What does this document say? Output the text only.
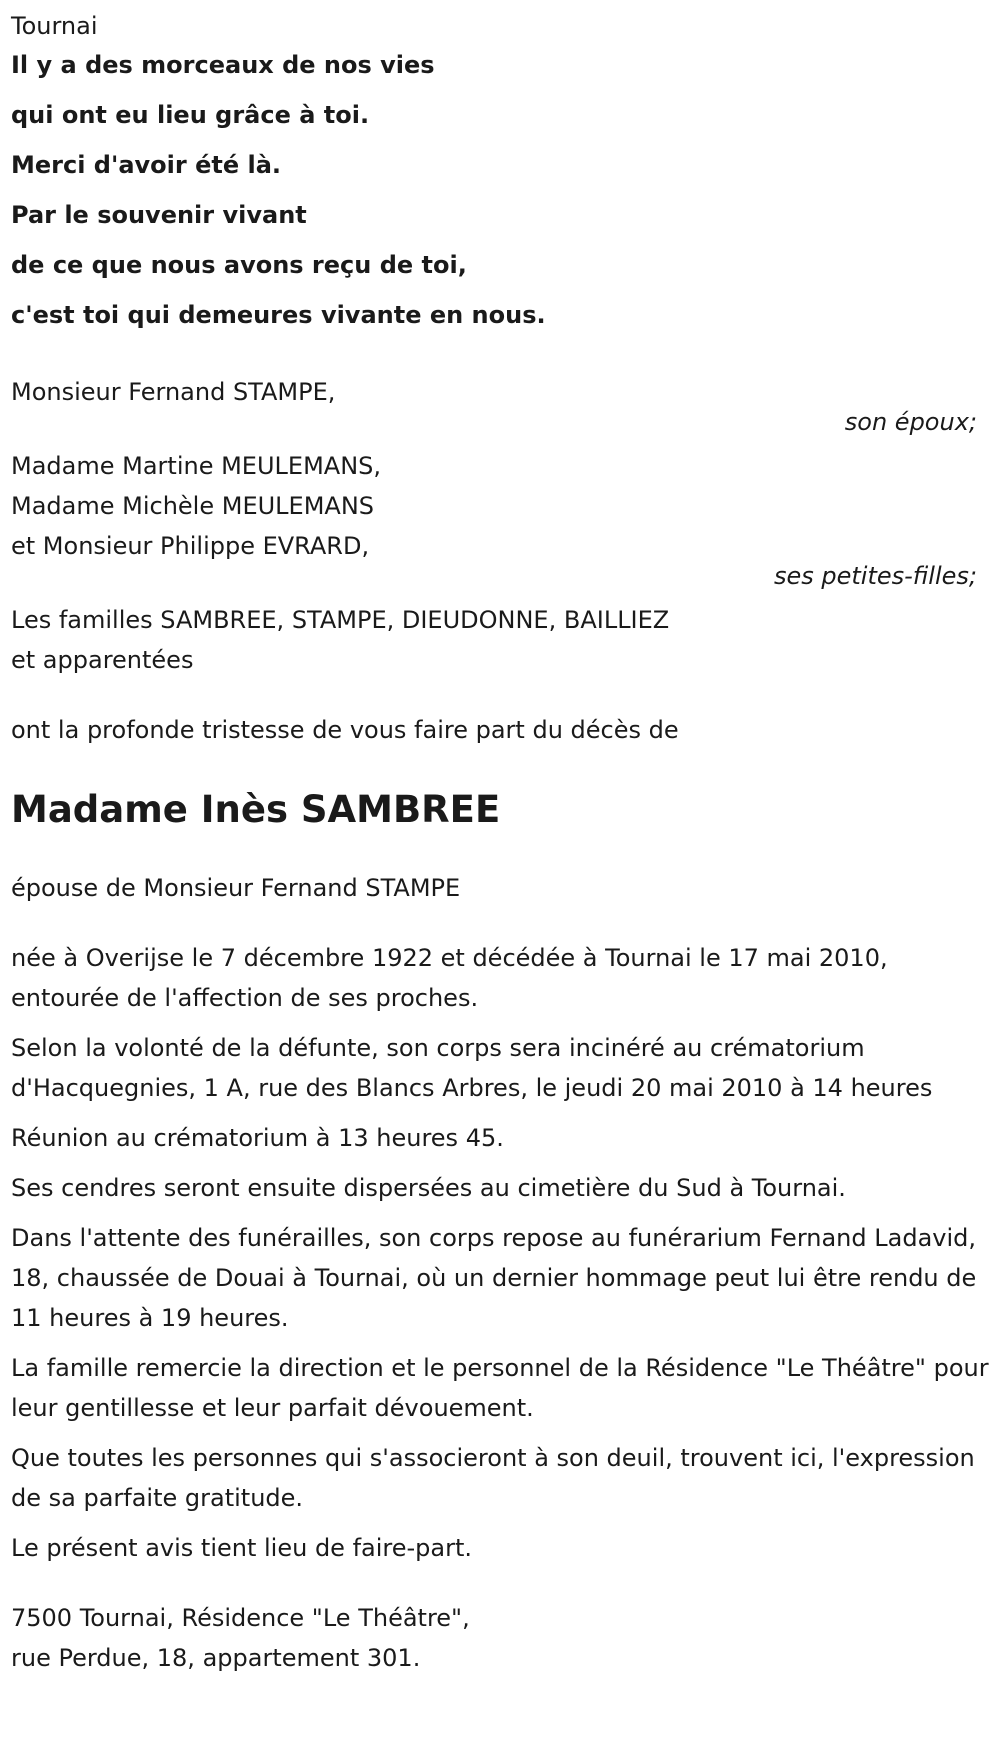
Tournai
Il y a des morceaux de nos vies
qui ont eu lieu grâce à toi.
Merci d'avoir été là.
Par le souvenir vivant
de ce que nous avons reçu de toi,
c'est toi qui demeures vivante en nous.
Monsieur Fernand STAMPE,
son époux;
Madame Martine MEULEMANS,
Madame Michèle MEULEMANS
et Monsieur Philippe EVRARD,
ses petites-filles;
Les familles SAMBREE, STAMPE, DIEUDONNE, BAILLIEZ
et apparentées
ont la profonde tristesse de vous faire part du décès de
Madame Inès SAMBREE
épouse de Monsieur Fernand STAMPE
née à Overijse le 7 décembre 1922 et décédée à Tournai le 17 mai 2010, entourée de l'affection de ses proches.
Selon la volonté de la défunte, son corps sera incinéré au crématorium d'Hacquegnies, 1 A, rue des Blancs Arbres, le jeudi 20 mai 2010 à 14 heures
Réunion au crématorium à 13 heures 45.
Ses cendres seront ensuite dispersées au cimetière du Sud à Tournai.
Dans l'attente des funérailles, son corps repose au funérarium Fernand Ladavid, 18, chaussée de Douai à Tournai, où un dernier hommage peut lui être rendu de 11 heures à 19 heures.
La famille remercie la direction et le personnel de la Résidence "Le Théâtre" pour leur gentillesse et leur parfait dévouement.
Que toutes les personnes qui s'associeront à son deuil, trouvent ici, l'expression de sa parfaite gratitude.
Le présent avis tient lieu de faire-part.
7500 Tournai, Résidence "Le Théâtre",
rue Perdue, 18, appartement 301.
